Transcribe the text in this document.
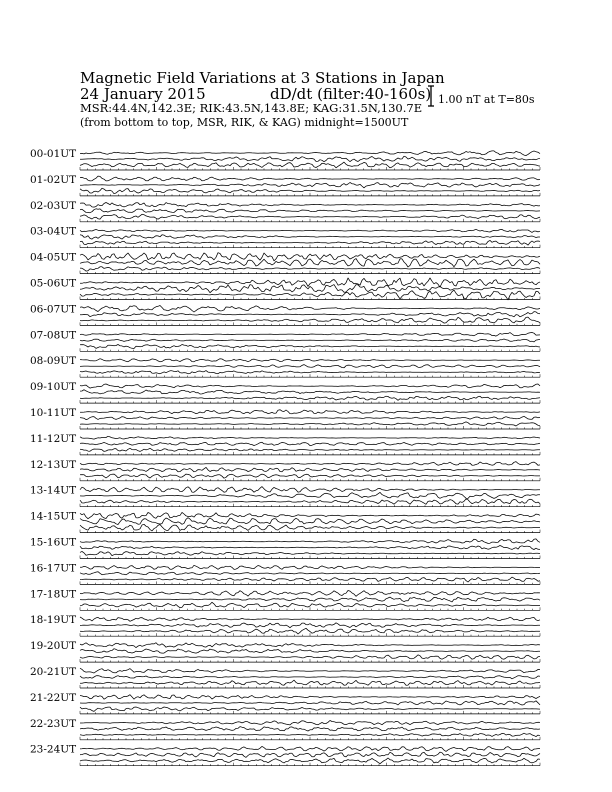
Magnetic Field Variations at 3 Stations in Japan
24 January 2015	dD/dt (filter:40-160s)
MSR:44.4N,142.3E; RIK:43.5N,143.8E; KAG:31.5N,130.7E
(from bottom to top, MSR, RIK, & KAG) midnight=1500UT
1.00 nT at T=80s
00-01UT
01-02UT
02-03UT
03-04UT
04-05UT
05-06UT
06-07UT
07-08UT
08-09UT
09-10UT
10-11UT
11-12UT
12-13UT
13-14UT
14-15UT
15-16UT
16-17UT
17-18UT
18-19UT
19-20UT
20-21UT
21-22UT
22-23UT
23-24UT
